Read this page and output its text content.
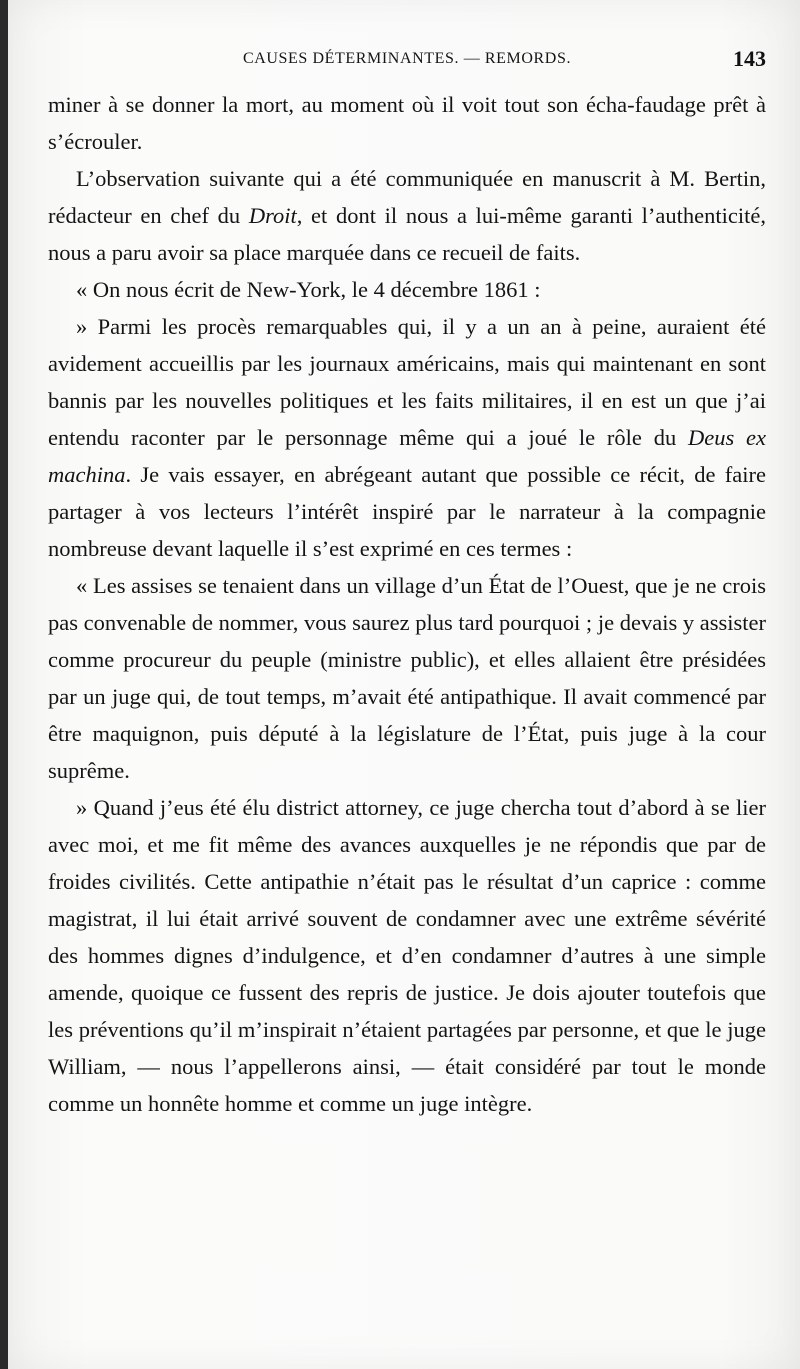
CAUSES DÉTERMINANTES. — REMORDS.	143

miner à se donner la mort, au moment où il voit tout son écha-faudage prêt à s’écrouler.

L’observation suivante qui a été communiquée en manuscrit à M. Bertin, rédacteur en chef du Droit, et dont il nous a lui-même garanti l’authenticité, nous a paru avoir sa place marquée dans ce recueil de faits.

« On nous écrit de New-York, le 4 décembre 1861 :

» Parmi les procès remarquables qui, il y a un an à peine, auraient été avidement accueillis par les journaux américains, mais qui maintenant en sont bannis par les nouvelles politiques et les faits militaires, il en est un que j’ai entendu raconter par le personnage même qui a joué le rôle du Deus ex machina. Je vais essayer, en abrégeant autant que possible ce récit, de faire partager à vos lecteurs l’intérêt inspiré par le narrateur à la compagnie nombreuse devant laquelle il s’est exprimé en ces termes :

« Les assises se tenaient dans un village d’un État de l’Ouest, que je ne crois pas convenable de nommer, vous saurez plus tard pourquoi ; je devais y assister comme procureur du peuple (ministre public), et elles allaient être présidées par un juge qui, de tout temps, m’avait été antipathique. Il avait commencé par être maquignon, puis député à la législature de l’État, puis juge à la cour suprême.

» Quand j’eus été élu district attorney, ce juge chercha tout d’abord à se lier avec moi, et me fit même des avances auxquelles je ne répondis que par de froides civilités. Cette antipathie n’était pas le résultat d’un caprice : comme magistrat, il lui était arrivé souvent de condamner avec une extrême sévérité des hommes dignes d’indulgence, et d’en condamner d’autres à une simple amende, quoique ce fussent des repris de justice. Je dois ajouter toutefois que les préventions qu’il m’inspirait n’étaient partagées par personne, et que le juge William, — nous l’appellerons ainsi, — était considéré par tout le monde comme un honnête homme et comme un juge intègre.
